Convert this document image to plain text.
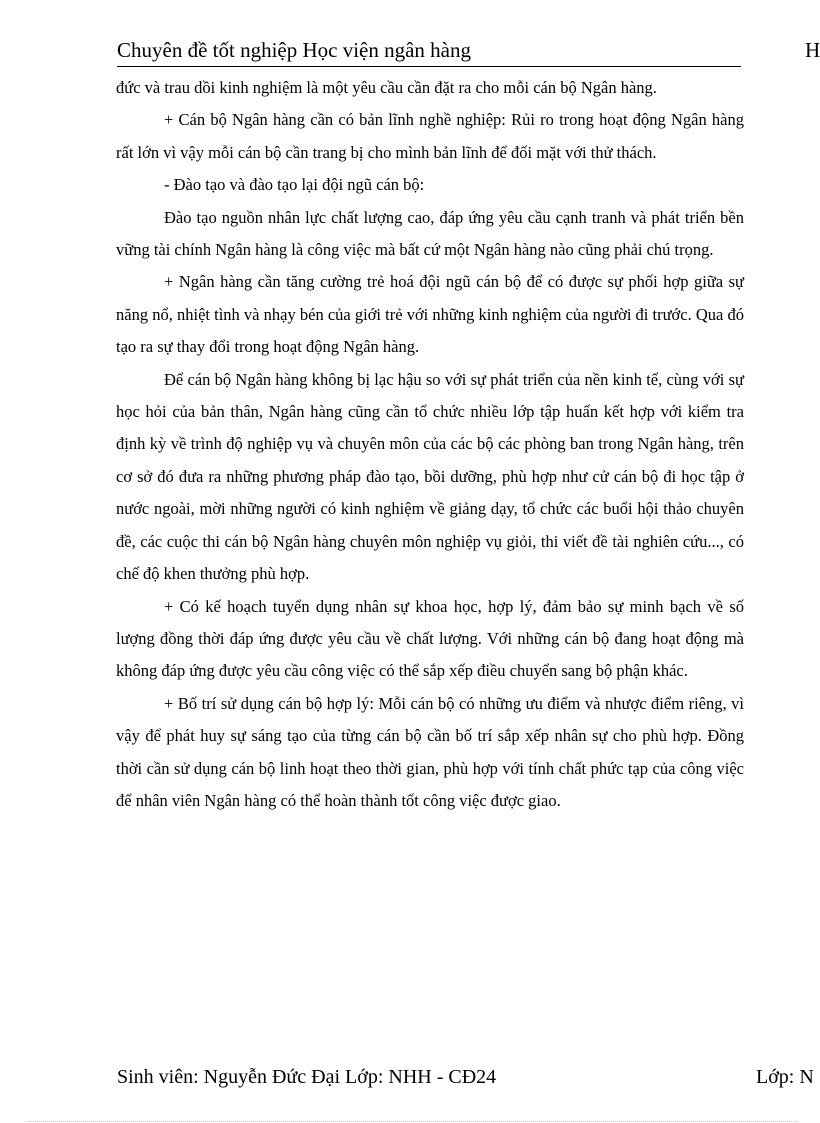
Chuyên đề tốt nghiệp Học viện ngân hàng	H

đức và trau dồi kinh nghiệm là một yêu cầu cần đặt ra cho mỗi cán bộ Ngân hàng.

+ Cán bộ Ngân hàng cần có bản lĩnh nghề nghiệp: Rủi ro trong hoạt động Ngân hàng rất lớn vì vậy mỗi cán bộ cần trang bị cho mình bản lĩnh để đối mặt với thử thách.

- Đào tạo và đào tạo lại đội ngũ cán bộ:

Đào tạo nguồn nhân lực chất lượng cao, đáp ứng yêu cầu cạnh tranh và phát triển bền vững tài chính Ngân hàng là công việc mà bất cứ một Ngân hàng nào cũng phải chú trọng.

+ Ngân hàng cần tăng cường trẻ hoá đội ngũ cán bộ để có được sự phối hợp giữa sự năng nổ, nhiệt tình và nhạy bén của giới trẻ với những kinh nghiệm của người đi trước. Qua đó tạo ra sự thay đổi trong hoạt động Ngân hàng.

Để cán bộ Ngân hàng không bị lạc hậu so với sự phát triển của nền kinh tế, cùng với sự học hỏi của bản thân, Ngân hàng cũng cần tổ chức nhiều lớp tập huấn kết hợp với kiểm tra định kỳ về trình độ nghiệp vụ và chuyên môn của các bộ các phòng ban trong Ngân hàng, trên cơ sở đó đưa ra những phương pháp đào tạo, bồi dưỡng, phù hợp như cử cán bộ đi học tập ở nước ngoài, mời những người có kinh nghiệm về giảng dạy, tổ chức các buổi hội thảo chuyên đề, các cuộc thi cán bộ Ngân hàng chuyên môn nghiệp vụ giỏi, thi viết đề tài nghiên cứu..., có chế độ khen thưởng phù hợp.

+ Có kế hoạch tuyển dụng nhân sự khoa học, hợp lý, đảm bảo sự minh bạch về số lượng đồng thời đáp ứng được yêu cầu về chất lượng. Với những cán bộ đang hoạt động mà không đáp ứng được yêu cầu công việc có thể sắp xếp điều chuyển sang bộ phận khác.

+ Bố trí sử dụng cán bộ hợp lý: Mỗi cán bộ có những ưu điểm và nhược điểm riêng, vì vậy để phát huy sự sáng tạo của từng cán bộ cần bố trí sắp xếp nhân sự cho phù hợp. Đồng thời cần sử dụng cán bộ linh hoạt theo thời gian, phù hợp với tính chất phức tạp của công việc để nhân viên Ngân hàng có thể hoàn thành tốt công việc được giao.

Sinh viên: Nguyễn Đức Đại Lớp: NHH - CĐ24	Lớp: N
